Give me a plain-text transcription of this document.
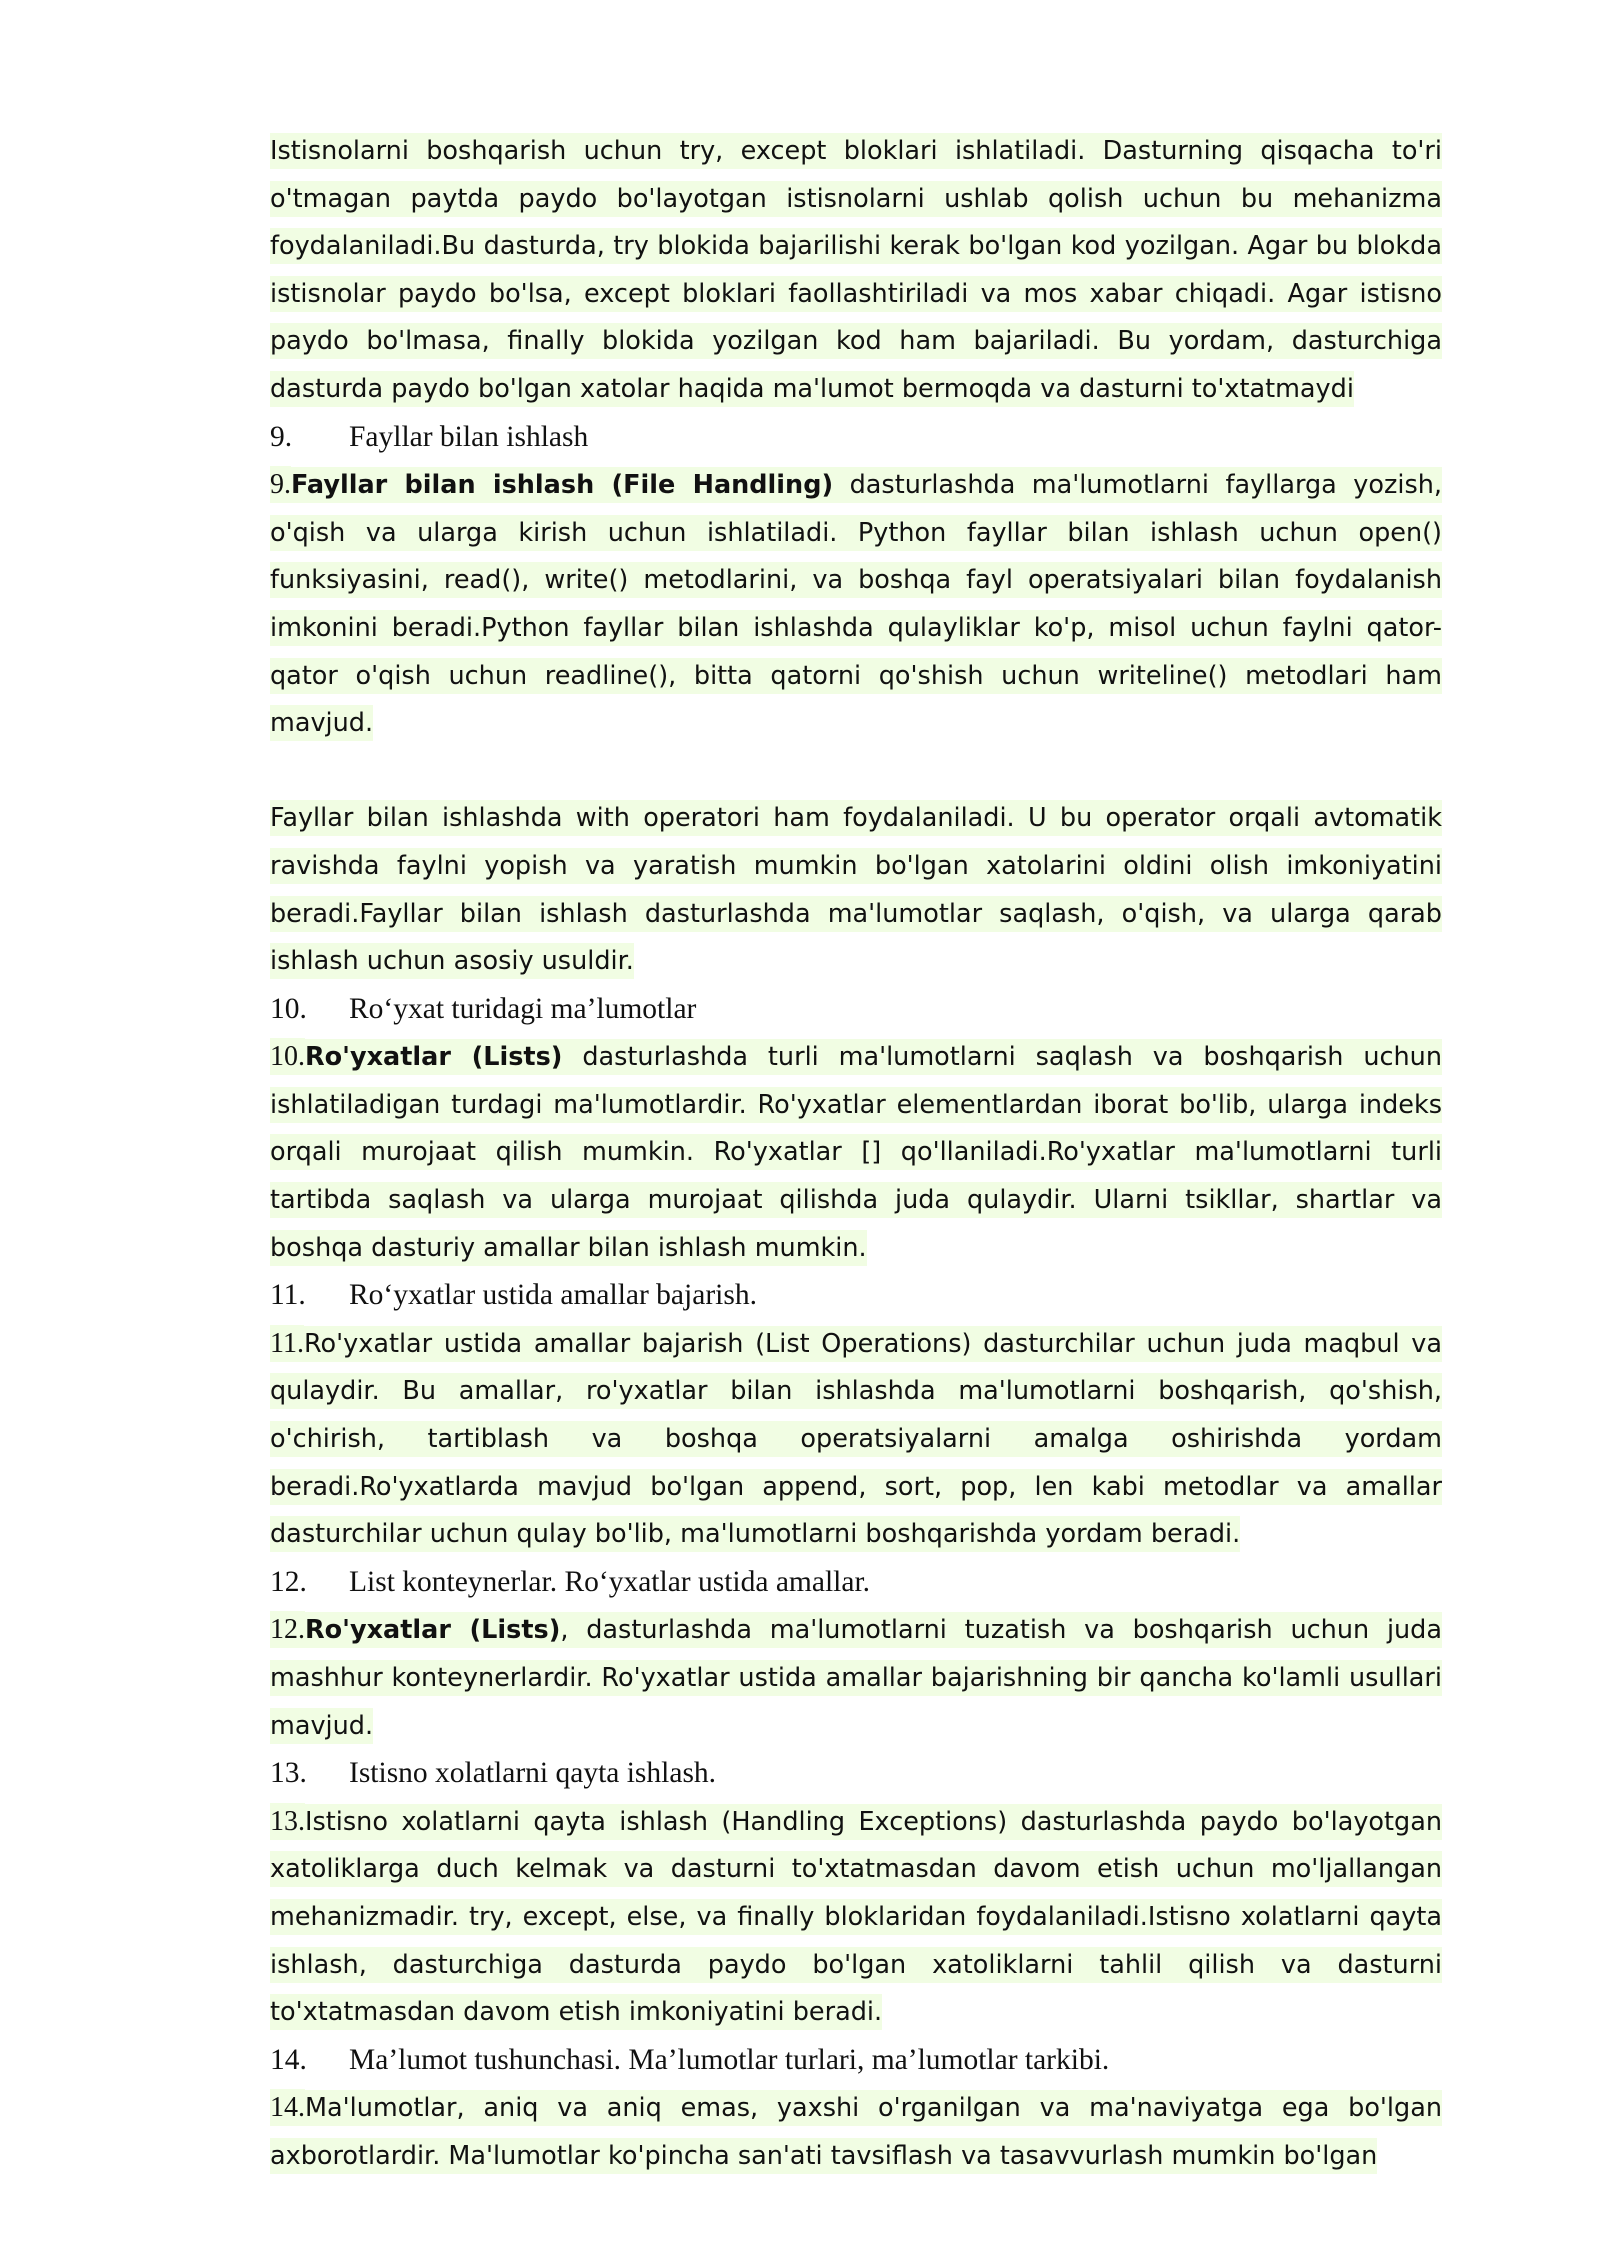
Istisnolarni boshqarish uchun try, except bloklari ishlatiladi. Dasturning qisqacha to'ri o'tmagan paytda paydo bo'layotgan istisnolarni ushlab qolish uchun bu mehanizma foydalaniladi.Bu dasturda, try blokida bajarilishi kerak bo'lgan kod yozilgan. Agar bu blokda istisnolar paydo bo'lsa, except bloklari faollashtiriladi va mos xabar chiqadi. Agar istisno paydo bo'lmasa, finally blokida yozilgan kod ham bajariladi. Bu yordam, dasturchiga dasturda paydo bo'lgan xatolar haqida ma'lumot bermoqda va dasturni to'xtatmaydi

9.	Fayllar bilan ishlash

9.Fayllar bilan ishlash (File Handling) dasturlashda ma'lumotlarni fayllarga yozish, o'qish va ularga kirish uchun ishlatiladi. Python fayllar bilan ishlash uchun open() funksiyasini, read(), write() metodlarini, va boshqa fayl operatsiyalari bilan foydalanish imkonini beradi.Python fayllar bilan ishlashda qulayliklar ko'p, misol uchun faylni qator-qator o'qish uchun readline(), bitta qatorni qo'shish uchun writeline() metodlari ham mavjud.

Fayllar bilan ishlashda with operatori ham foydalaniladi. U bu operator orqali avtomatik ravishda faylni yopish va yaratish mumkin bo'lgan xatolarini oldini olish imkoniyatini beradi.Fayllar bilan ishlash dasturlashda ma'lumotlar saqlash, o'qish, va ularga qarab ishlash uchun asosiy usuldir.

10.	Ro‘yxat turidagi ma’lumotlar

10.Ro'yxatlar (Lists) dasturlashda turli ma'lumotlarni saqlash va boshqarish uchun ishlatiladigan turdagi ma'lumotlardir. Ro'yxatlar elementlardan iborat bo'lib, ularga indeks orqali murojaat qilish mumkin. Ro'yxatlar [] qo'llaniladi.Ro'yxatlar ma'lumotlarni turli tartibda saqlash va ularga murojaat qilishda juda qulaydir. Ularni tsikllar, shartlar va boshqa dasturiy amallar bilan ishlash mumkin.

11.	Ro‘yxatlar ustida amallar bajarish.

11.Ro'yxatlar ustida amallar bajarish (List Operations) dasturchilar uchun juda maqbul va qulaydir. Bu amallar, ro'yxatlar bilan ishlashda ma'lumotlarni boshqarish, qo'shish, o'chirish, tartiblash va boshqa operatsiyalarni amalga oshirishda yordam beradi.Ro'yxatlarda mavjud bo'lgan append, sort, pop, len kabi metodlar va amallar dasturchilar uchun qulay bo'lib, ma'lumotlarni boshqarishda yordam beradi.

12.	List konteynerlar. Ro‘yxatlar ustida amallar.

12.Ro'yxatlar (Lists), dasturlashda ma'lumotlarni tuzatish va boshqarish uchun juda mashhur konteynerlardir. Ro'yxatlar ustida amallar bajarishning bir qancha ko'lamli usullari mavjud.

13.	Istisno xolatlarni qayta ishlash.

13.Istisno xolatlarni qayta ishlash (Handling Exceptions) dasturlashda paydo bo'layotgan xatoliklarga duch kelmak va dasturni to'xtatmasdan davom etish uchun mo'ljallangan mehanizmadir. try, except, else, va finally bloklaridan foydalaniladi.Istisno xolatlarni qayta ishlash, dasturchiga dasturda paydo bo'lgan xatoliklarni tahlil qilish va dasturni to'xtatmasdan davom etish imkoniyatini beradi.

14.	Ma’lumot tushunchasi. Ma’lumotlar turlari, ma’lumotlar tarkibi.

14.Ma'lumotlar, aniq va aniq emas, yaxshi o'rganilgan va ma'naviyatga ega bo'lgan axborotlardir. Ma'lumotlar ko'pincha san'ati tavsiflash va tasavvurlash mumkin bo'lgan
